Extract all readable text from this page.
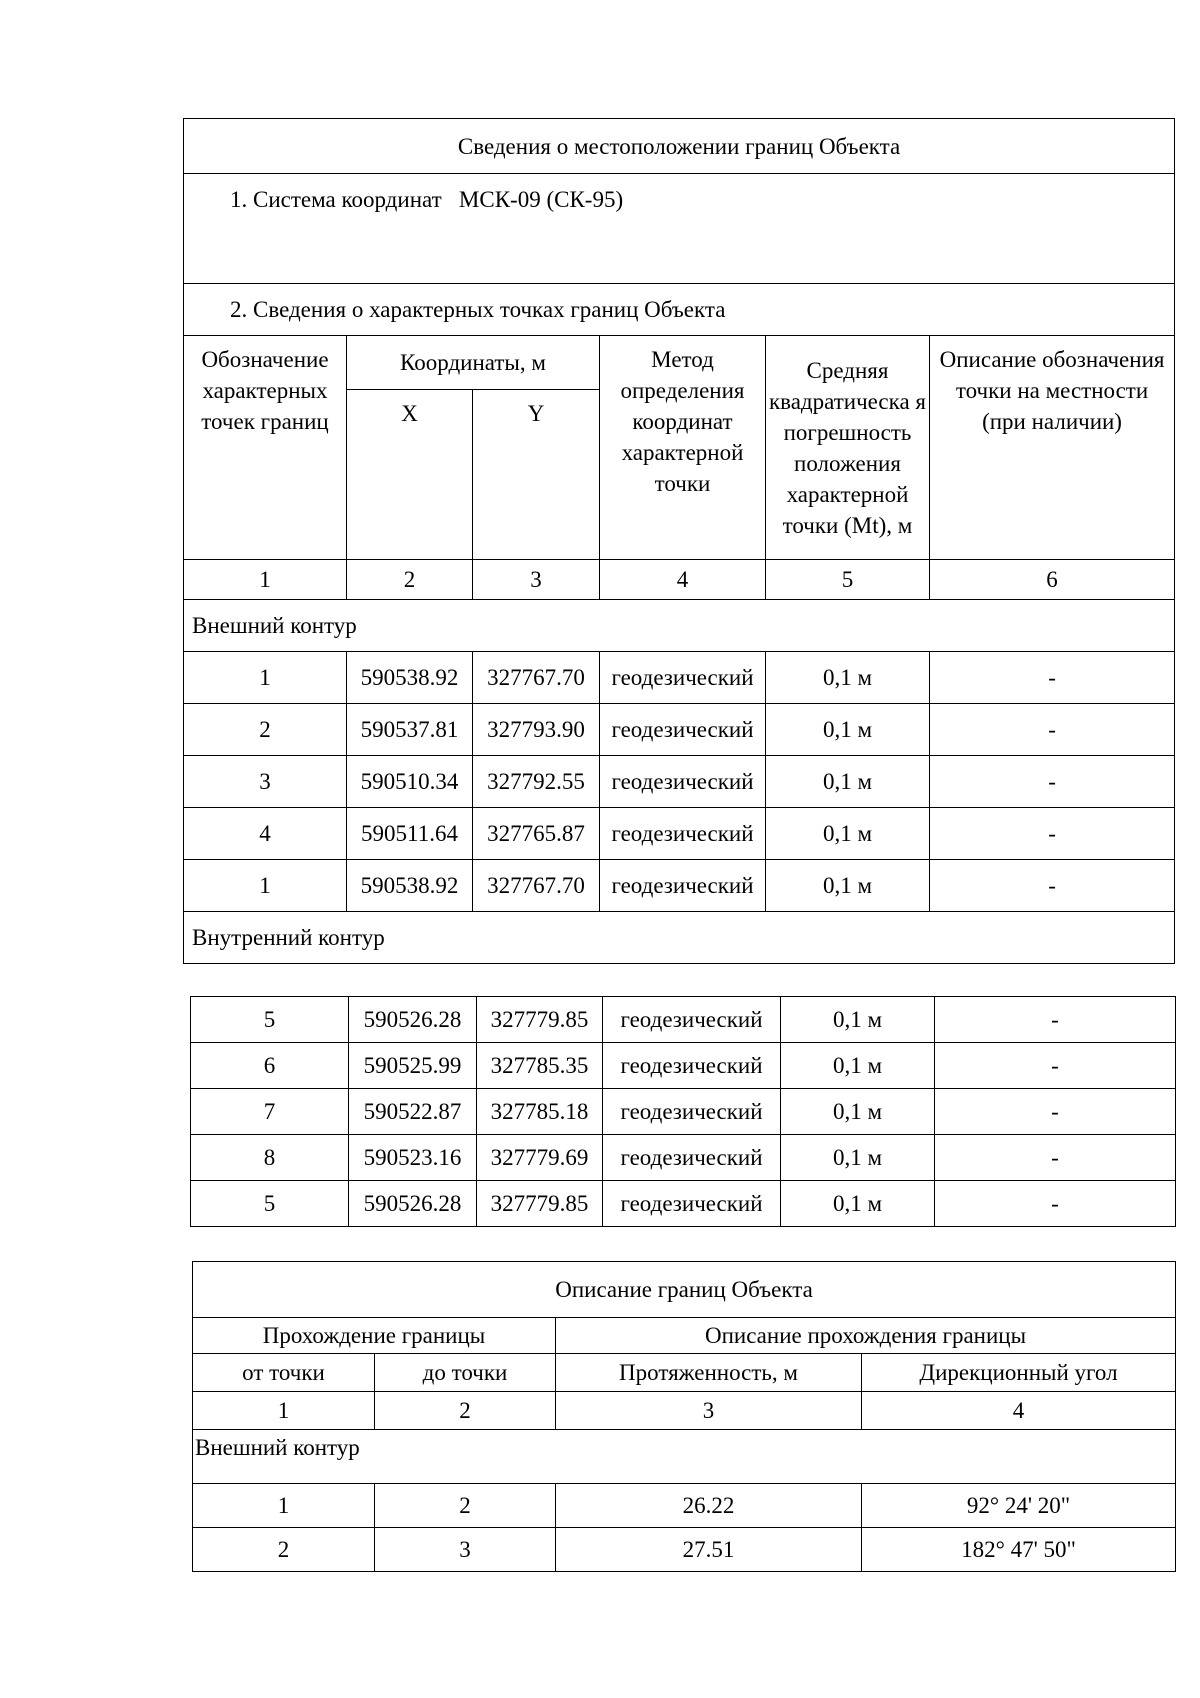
Сведения о местоположении границ Объекта					
1. Система координат МСК-09 (СК-95)					
2. Сведения о характерных точках границ Объекта					
Обозначение характерных точек границ	Координаты, м		Метод определения координат характерной точки	Средняя квадратическа я погрешность положения характерной точки (Mt), м	Описание обозначения точки на местности (при наличии)
	X	Y			
1	2	3	4	5	6
Внешний контур					
1	590538.92	327767.70	геодезический	0,1 м	-
2	590537.81	327793.90	геодезический	0,1 м	-
3	590510.34	327792.55	геодезический	0,1 м	-
4	590511.64	327765.87	геодезический	0,1 м	-
1	590538.92	327767.70	геодезический	0,1 м	-
Внутренний контур					
5	590526.28	327779.85	геодезический	0,1 м	-
6	590525.99	327785.35	геодезический	0,1 м	-
7	590522.87	327785.18	геодезический	0,1 м	-
8	590523.16	327779.69	геодезический	0,1 м	-
5	590526.28	327779.85	геодезический	0,1 м	-
Описание границ Объекта			
Прохождение границы		Описание прохождения границы	
от точки	до точки	Протяженность, м	Дирекционный угол
1	2	3	4
Внешний контур			
1	2	26.22	92° 24' 20"
2	3	27.51	182° 47' 50"
